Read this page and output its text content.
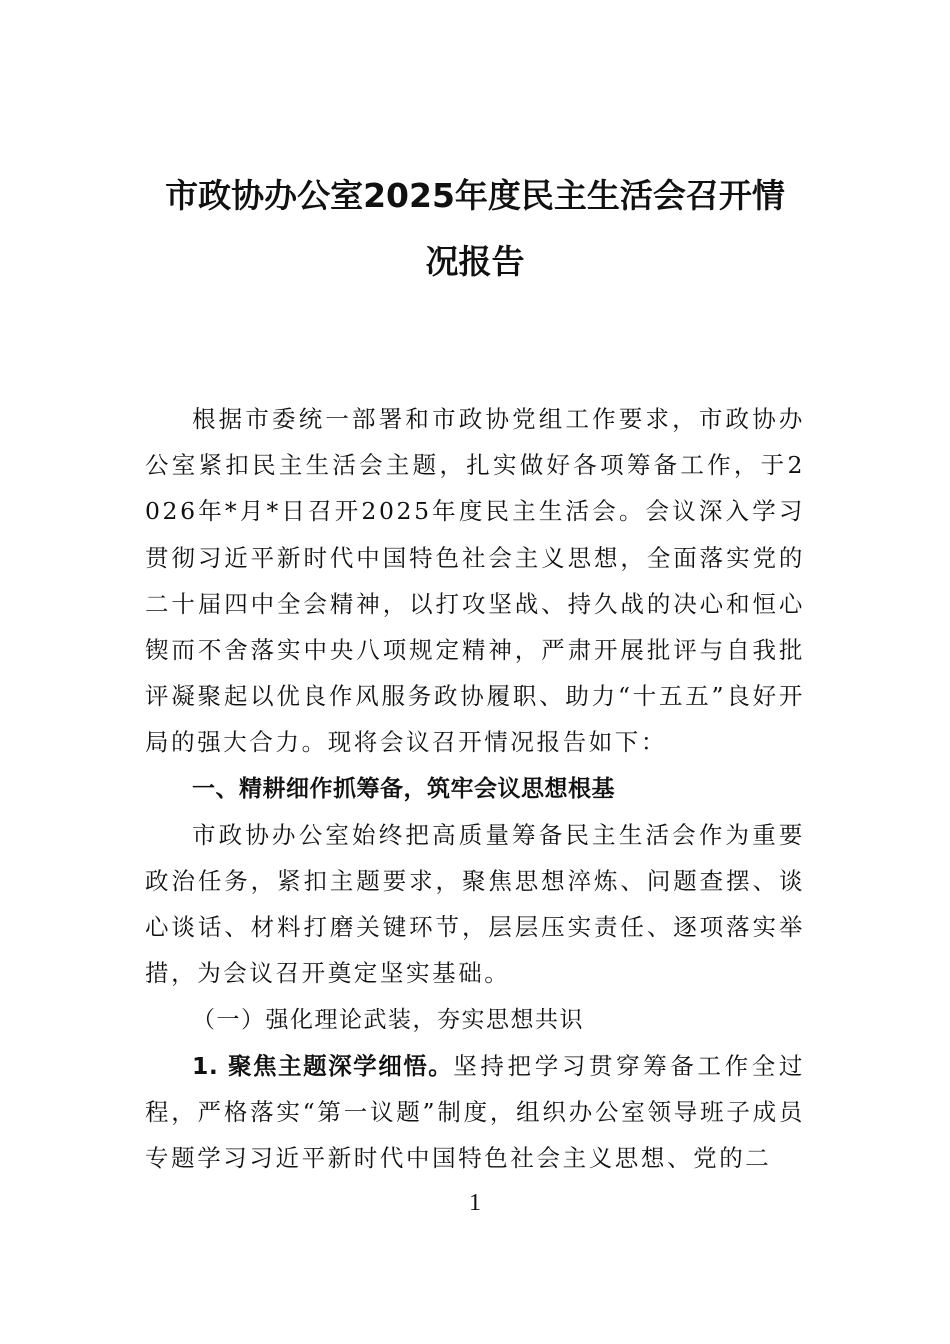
市政协办公室2025年度民主生活会召开情
况报告

根据市委统一部署和市政协党组工作要求，市政协办公室紧扣民主生活会主题，扎实做好各项筹备工作，于2026年*月*日召开2025年度民主生活会。会议深入学习贯彻习近平新时代中国特色社会主义思想，全面落实党的二十届四中全会精神，以打攻坚战、持久战的决心和恒心锲而不舍落实中央八项规定精神，严肃开展批评与自我批评凝聚起以优良作风服务政协履职、助力“十五五”良好开局的强大合力。现将会议召开情况报告如下：

一、精耕细作抓筹备，筑牢会议思想根基

市政协办公室始终把高质量筹备民主生活会作为重要政治任务，紧扣主题要求，聚焦思想淬炼、问题查摆、谈心谈话、材料打磨关键环节，层层压实责任、逐项落实举措，为会议召开奠定坚实基础。

（一）强化理论武装，夯实思想共识

1. 聚焦主题深学细悟。坚持把学习贯穿筹备工作全过程，严格落实“第一议题”制度，组织办公室领导班子成员专题学习习近平新时代中国特色社会主义思想、党的二

1
